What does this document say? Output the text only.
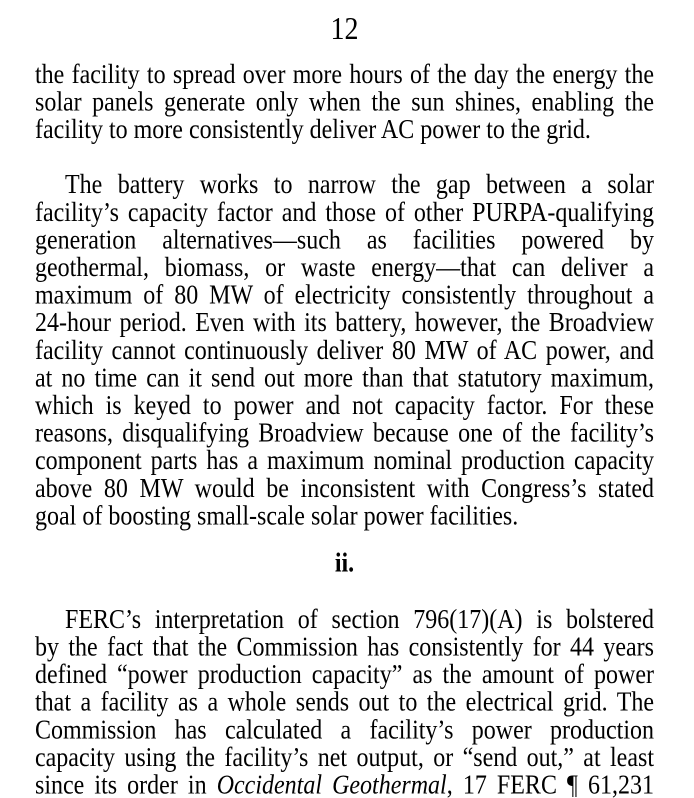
12
the facility to spread over more hours of the day the energy the
solar panels generate only when the sun shines, enabling the
facility to more consistently deliver AC power to the grid.
The battery works to narrow the gap between a solar
facility’s capacity factor and those of other PURPA-qualifying
generation alternatives—such as facilities powered by
geothermal, biomass, or waste energy—that can deliver a
maximum of 80 MW of electricity consistently throughout a
24-hour period. Even with its battery, however, the Broadview
facility cannot continuously deliver 80 MW of AC power, and
at no time can it send out more than that statutory maximum,
which is keyed to power and not capacity factor. For these
reasons, disqualifying Broadview because one of the facility’s
component parts has a maximum nominal production capacity
above 80 MW would be inconsistent with Congress’s stated
goal of boosting small-scale solar power facilities.
ii.
FERC’s interpretation of section 796(17)(A) is bolstered
by the fact that the Commission has consistently for 44 years
defined “power production capacity” as the amount of power
that a facility as a whole sends out to the electrical grid. The
Commission has calculated a facility’s power production
capacity using the facility’s net output, or “send out,” at least
since its order in Occidental Geothermal, 17 FERC ¶ 61,231
